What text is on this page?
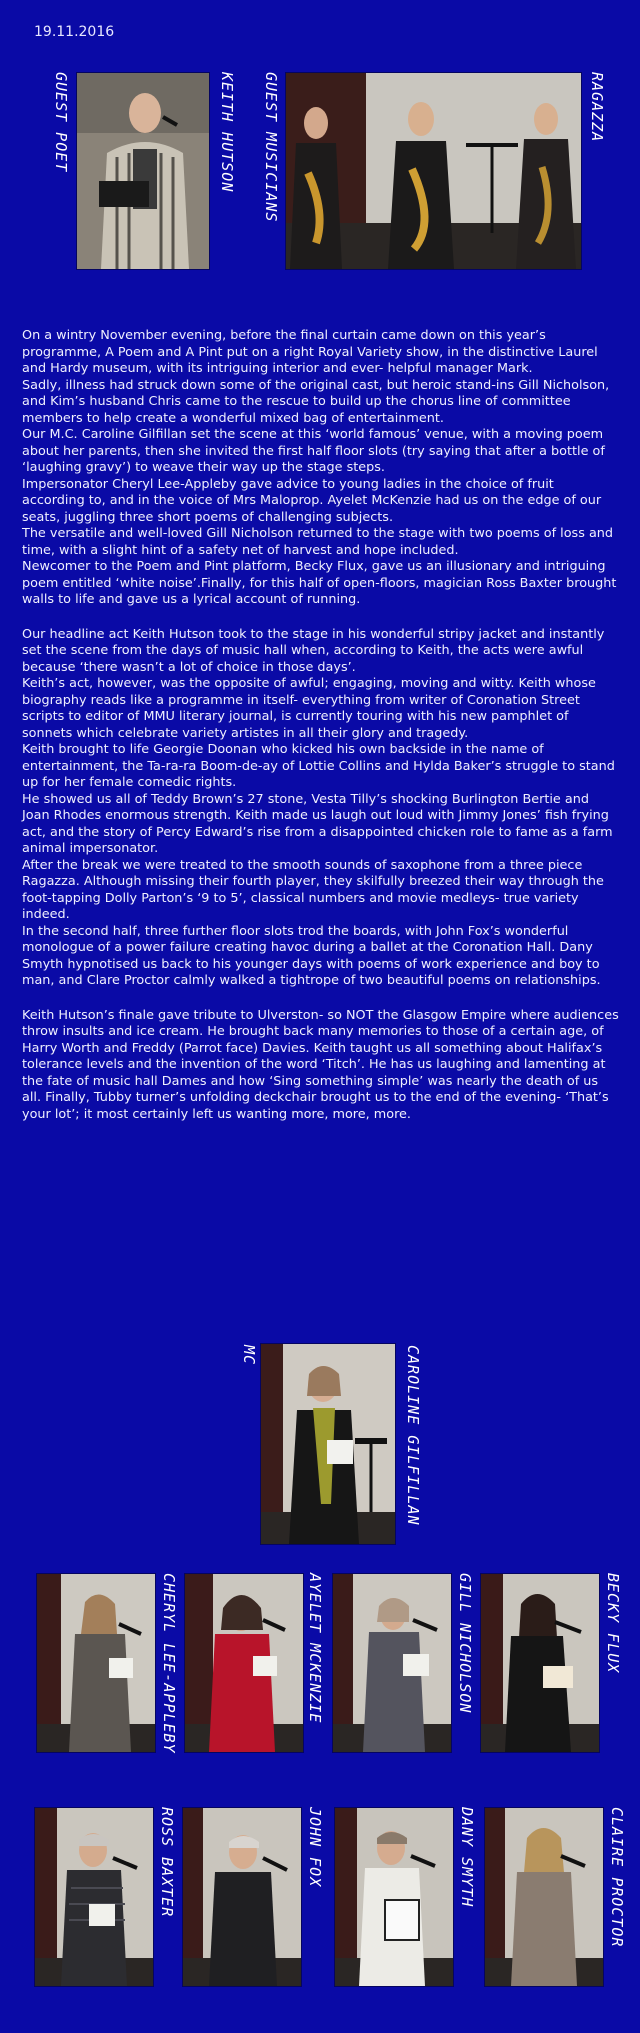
19.11.2016
GUEST POET	KEITH HUTSON GUEST MUSICIANS	RAGAZZA

On a wintry November evening, before the final curtain came down on this year’s programme, A Poem and A Pint put on a right Royal Variety show, in the distinctive Laurel and Hardy museum, with its intriguing interior and ever- helpful manager Mark.

Sadly, illness had struck down some of the original cast, but heroic stand-ins Gill Nicholson, and Kim’s husband Chris came to the rescue to build up the chorus line of committee members to help create a wonderful mixed bag of entertainment.

Our M.C. Caroline Gilfillan set the scene at this ‘world famous’ venue, with a moving poem about her parents, then she invited the first half floor slots (try saying that after a bottle of ‘laughing gravy’) to weave their way up the stage steps.

Impersonator Cheryl Lee-Appleby gave advice to young ladies in the choice of fruit according to, and in the voice of Mrs Maloprop. Ayelet McKenzie had us on the edge of our seats, juggling three short poems of challenging subjects.

The versatile and well-loved Gill Nicholson returned to the stage with two poems of loss and time, with a slight hint of a safety net of harvest and hope included.

Newcomer to the Poem and Pint platform, Becky Flux, gave us an illusionary and intriguing poem entitled ‘white noise’.Finally, for this half of open-floors, magician Ross Baxter brought walls to life and gave us a lyrical account of running.

Our headline act Keith Hutson took to the stage in his wonderful stripy jacket and instantly set the scene from the days of music hall when, according to Keith, the acts were awful because ‘there wasn’t a lot of choice in those days’.

Keith’s act, however, was the opposite of awful; engaging, moving and witty. Keith whose biography reads like a programme in itself- everything from writer of Coronation Street scripts to editor of MMU literary journal, is currently touring with his new pamphlet of sonnets which celebrate variety artistes in all their glory and tragedy.

Keith brought to life Georgie Doonan who kicked his own backside in the name of entertainment, the Ta-ra-ra Boom-de-ay of Lottie Collins and Hylda Baker’s struggle to stand up for her female comedic rights.

He showed us all of Teddy Brown’s 27 stone, Vesta Tilly’s shocking Burlington Bertie and Joan Rhodes enormous strength. Keith made us laugh out loud with Jimmy Jones’ fish frying act, and the story of Percy Edward’s rise from a disappointed chicken role to fame as a farm animal impersonator.

After the break we were treated to the smooth sounds of saxophone from a three piece Ragazza. Although missing their fourth player, they skilfully breezed their way through the foot-tapping Dolly Parton’s ‘9 to 5’, classical numbers and movie medleys- true variety indeed.

In the second half, three further floor slots trod the boards, with John Fox’s wonderful monologue of a power failure creating havoc during a ballet at the Coronation Hall. Dany Smyth hypnotised us back to his younger days with poems of work experience and boy to man, and Clare Proctor calmly walked a tightrope of two beautiful poems on relationships.

Keith Hutson’s finale gave tribute to Ulverston- so NOT the Glasgow Empire where audiences throw insults and ice cream. He brought back many memories to those of a certain age, of Harry Worth and Freddy (Parrot face) Davies. Keith taught us all something about Halifax’s tolerance levels and the invention of the word ‘Titch’. He has us laughing and lamenting at the fate of music hall Dames and how ‘Sing something simple’ was nearly the death of us all. Finally, Tubby turner’s unfolding deckchair brought us to the end of the evening- ‘That’s your lot’; it most certainly left us wanting more, more, more.

MC	CAROLINE GILFILLAN
CHERYL LEE-APPLEBY	AYELET MCKENZIE	GILL NICHOLSON	BECKY FLUX
ROSS BAXTER	JOHN FOX	DANY SMYTH	CLAIRE PROCTOR
